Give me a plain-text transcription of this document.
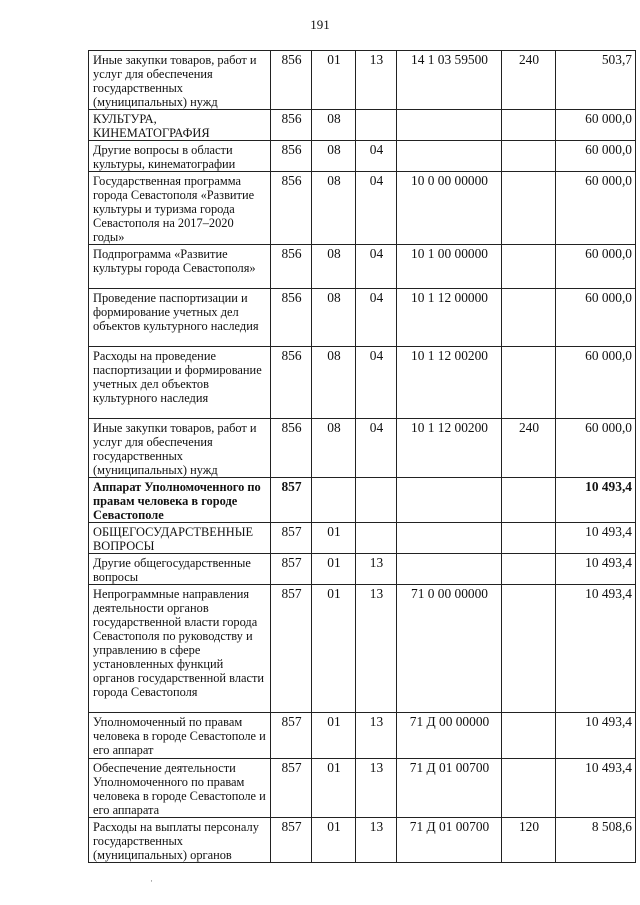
191
Иные закупки товаров, работ и услуг для обеспечения государственных (муниципальных) нужд	856	01	13	14 1 03 59500	240	503,7
КУЛЬТУРА, КИНЕМАТОГРАФИЯ	856	08				60 000,0
Другие вопросы в области культуры, кинематографии	856	08	04			60 000,0
Государственная программа города Севастополя «Развитие культуры и туризма города Севастополя на 2017–2020 годы»	856	08	04	10 0 00 00000		60 000,0
Подпрограмма «Развитие культуры города Севастополя»	856	08	04	10 1 00 00000		60 000,0
Проведение паспортизации и формирование учетных дел объектов культурного наследия	856	08	04	10 1 12 00000		60 000,0
Расходы на проведение паспортизации и формирование учетных дел объектов культурного наследия	856	08	04	10 1 12 00200		60 000,0
Иные закупки товаров, работ и услуг для обеспечения государственных (муниципальных) нужд	856	08	04	10 1 12 00200	240	60 000,0
Аппарат Уполномоченного по правам человека в городе Севастополе	857					10 493,4
ОБЩЕГОСУДАРСТВЕННЫЕ ВОПРОСЫ	857	01				10 493,4
Другие общегосударственные вопросы	857	01	13			10 493,4
Непрограммные направления деятельности органов государственной власти города Севастополя по руководству и управлению в сфере установленных функций органов государственной власти города Севастополя	857	01	13	71 0 00 00000		10 493,4
Уполномоченный по правам человека в городе Севастополе и его аппарат	857	01	13	71 Д 00 00000		10 493,4
Обеспечение деятельности Уполномоченного по правам человека в городе Севастополе и его аппарата	857	01	13	71 Д 01 00700		10 493,4
Расходы на выплаты персоналу государственных (муниципальных) органов	857	01	13	71 Д 01 00700	120	8 508,6
·
